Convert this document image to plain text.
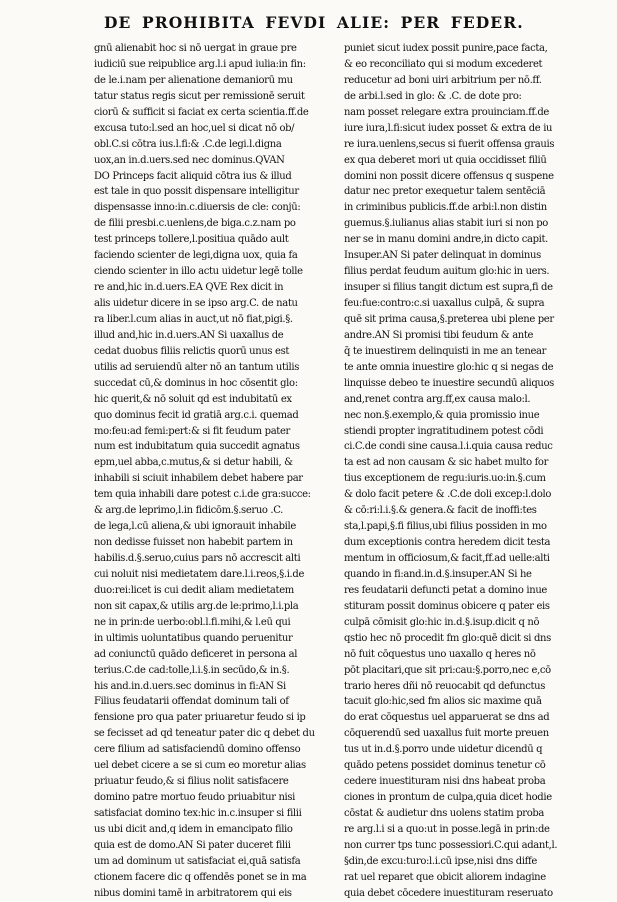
DE PROHIBITA FEVDI ALIE: PER FEDER.
gnū alienabit hoc si nō uergat in graue pre
iudiciū sue reipublice arg.l.i apud iulia:in fin:
de le.i.nam per alienatione demaniorū mu
tatur status regis sicut per remissionē seruit
ciorū & sufficit si faciat ex certa scientia.ff.de
excusa tuto:l.sed an hoc,uel si dicat nō ob/
obl.C.si cōtra ius.l.fi:& .C.de legi.l.digna
uox,an in.d.uers.sed nec dominus.QVAN
DO Princeps facit aliquid cōtra ius & illud
est tale in quo possit dispensare intelligitur
dispensasse inno:in.c.diuersis de cle: conjū:
de filii presbi.c.uenlens,de biga.c.z.nam po
test princeps tollere,l.positiua quādo ault
faciendo scienter de legi,digna uox, quia fa
ciendo scienter in illo actu uidetur legē tolle
re and,hic in.d.uers.EA QVE Rex dicit in
alis uidetur dicere in se ipso arg.C. de natu
ra liber.l.cum alias in auct,ut nō fiat,pigi.§.
illud and,hic in.d.uers.AN Si uaxallus de
cedat duobus filiis relictis quorū unus est
utilis ad seruiendū alter nō an tantum utilis
succedat cū,& dominus in hoc cōsentit glo:
hic querit,& nō soluit qd est indubitatū ex
quo dominus fecit id gratiā arg.c.i. quemad
mo:feu:ad femi:pert:& si fit feudum pater
num est indubitatum quia succedit agnatus
epm,uel abba,c.mutus,& si detur habili, &
inhabili si sciuit inhabilem debet habere par
tem quia inhabili dare potest c.i.de gra:succe:
& arg.de leprimo,l.in fidicōm.§.seruo .C.
de lega,l.cū aliena,& ubi ignorauit inhabile
non dedisse fuisset non habebit partem in
habilis.d.§.seruo,cuius pars nō accrescit alti
cui noluit nisi medietatem dare.l.i.reos,§.i.de
duo:rei:licet is cui dedit aliam medietatem
non sit capax,& utilis arg.de le:primo,l.i.pla
ne in prin:de uerbo:obl.l.fi.mihi,& l.eū qui
in ultimis uoluntatibus quando peruenitur
ad coniunctū quādo deficeret in persona al
terius.C.de cad:tolle,l.i.§.in secūdo,& in.§.
his and.in.d.uers.sec dominus in fi:AN Si
Filius feudatarii offendat dominum tali of
fensione pro qua pater priuaretur feudo si ip
se fecisset ad qd teneatur pater dic q debet du
cere filium ad satisfaciendū domino offenso
uel debet cicere a se si cum eo moretur alias
priuatur feudo,& si filius nolit satisfacere
domino patre mortuo feudo priuabitur nisi
satisfaciat domino tex:hic in.c.insuper si filii
us ubi dicit and,q idem in emancipato filio
quia est de domo.AN Si pater duceret filii
um ad dominum ut satisfaciat ei,quā satisfa
ctionem facere dic q offendēs ponet se in ma
nibus domini tamē in arbitratorem qui eis
puniet sicut iudex possit punire,pace facta,
& eo reconciliato qui si modum excederet
reducetur ad boni uiri arbitrium per nō.ff.
de arbi.l.sed in glo: & .C. de dote pro:
nam posset relegare extra prouinciam.ff.de
iure iura,l.fi:sicut iudex posset & extra de iu
re iura.uenlens,secus si fuerit offensa grauis
ex qua deberet mori ut quia occidisset filiū
domini non possit dicere offensus q suspene
datur nec pretor exequetur talem sentēciā
in criminibus publicis.ff.de arbi:l.non distin
guemus.§.iulianus alias stabit iuri si non po
ner se in manu domini andre,in dicto capit.
Insuper.AN Si pater delinquat in dominus
filius perdat feudum auitum glo:hic in uers.
insuper si filius tangit dictum est supra,fi de
feu:fue:contro:c.si uaxallus culpā, & supra
quē sit prima causa,§.preterea ubi plene per
andre.AN Si promisi tibi feudum & ante
q̄ te inuestirem delinquisti in me an tenear
te ante omnia inuestire glo:hic q si negas de
linquisse debeo te inuestire secundū aliquos
and,renet contra arg.ff,ex causa malo:l.
nec non.§.exemplo,& quia promissio inue
stiendi propter ingratitudinem potest cōdi
ci.C.de condi sine causa.l.i.quia causa reduc
ta est ad non causam & sic habet multo for
tius exceptionem de regu:iuris.uo:in.§.cum
& dolo facit petere & .C.de doli excep:l.dolo
& cō:ri:l.i.§.& genera.& facit de inoffi:tes
sta,l.papi,§.fi filius,ubi filius possiden in mo
dum exceptionis contra heredem dicit testa
mentum in officiosum,& facit,ff.ad uelle:alti
quando in fi:and.in.d.§.insuper.AN Si he
res feudatarii defuncti petat a domino inue
stituram possit dominus obicere q pater eis
culpā cōmisit glo:hic in.d.§.isup.dicit q nō
qstio hec nō procedit fm glo:quē dicit si dns
nō fuit cōquestus uno uaxallo q heres nō
pōt placitari,que sit pri:cau:§.porro,nec e,cō
trario heres dñi nō reuocabit qd defunctus
tacuit glo:hic,sed fm alios sic maxime quā
do erat cōquestus uel apparuerat se dns ad
cōquerendū sed uaxallus fuit morte preuen
tus ut in.d.§.porro unde uidetur dicendū q
quādo petens possidet dominus tenetur cō
cedere inuestituram nisi dns habeat proba
ciones in prontum de culpa,quia dicet hodie
cōstat & audietur dns uolens statim proba
re arg.l.i si a quo:ut in posse.legā in prin:de
non currer tps tunc possessiori.C.qui adant,l.
§din,de excu:turo:l.i.cū ipse,nisi dns diffe
rat uel reparet que obicit aliorem indagine
quia debet cōcedere inuestituram reseruato
